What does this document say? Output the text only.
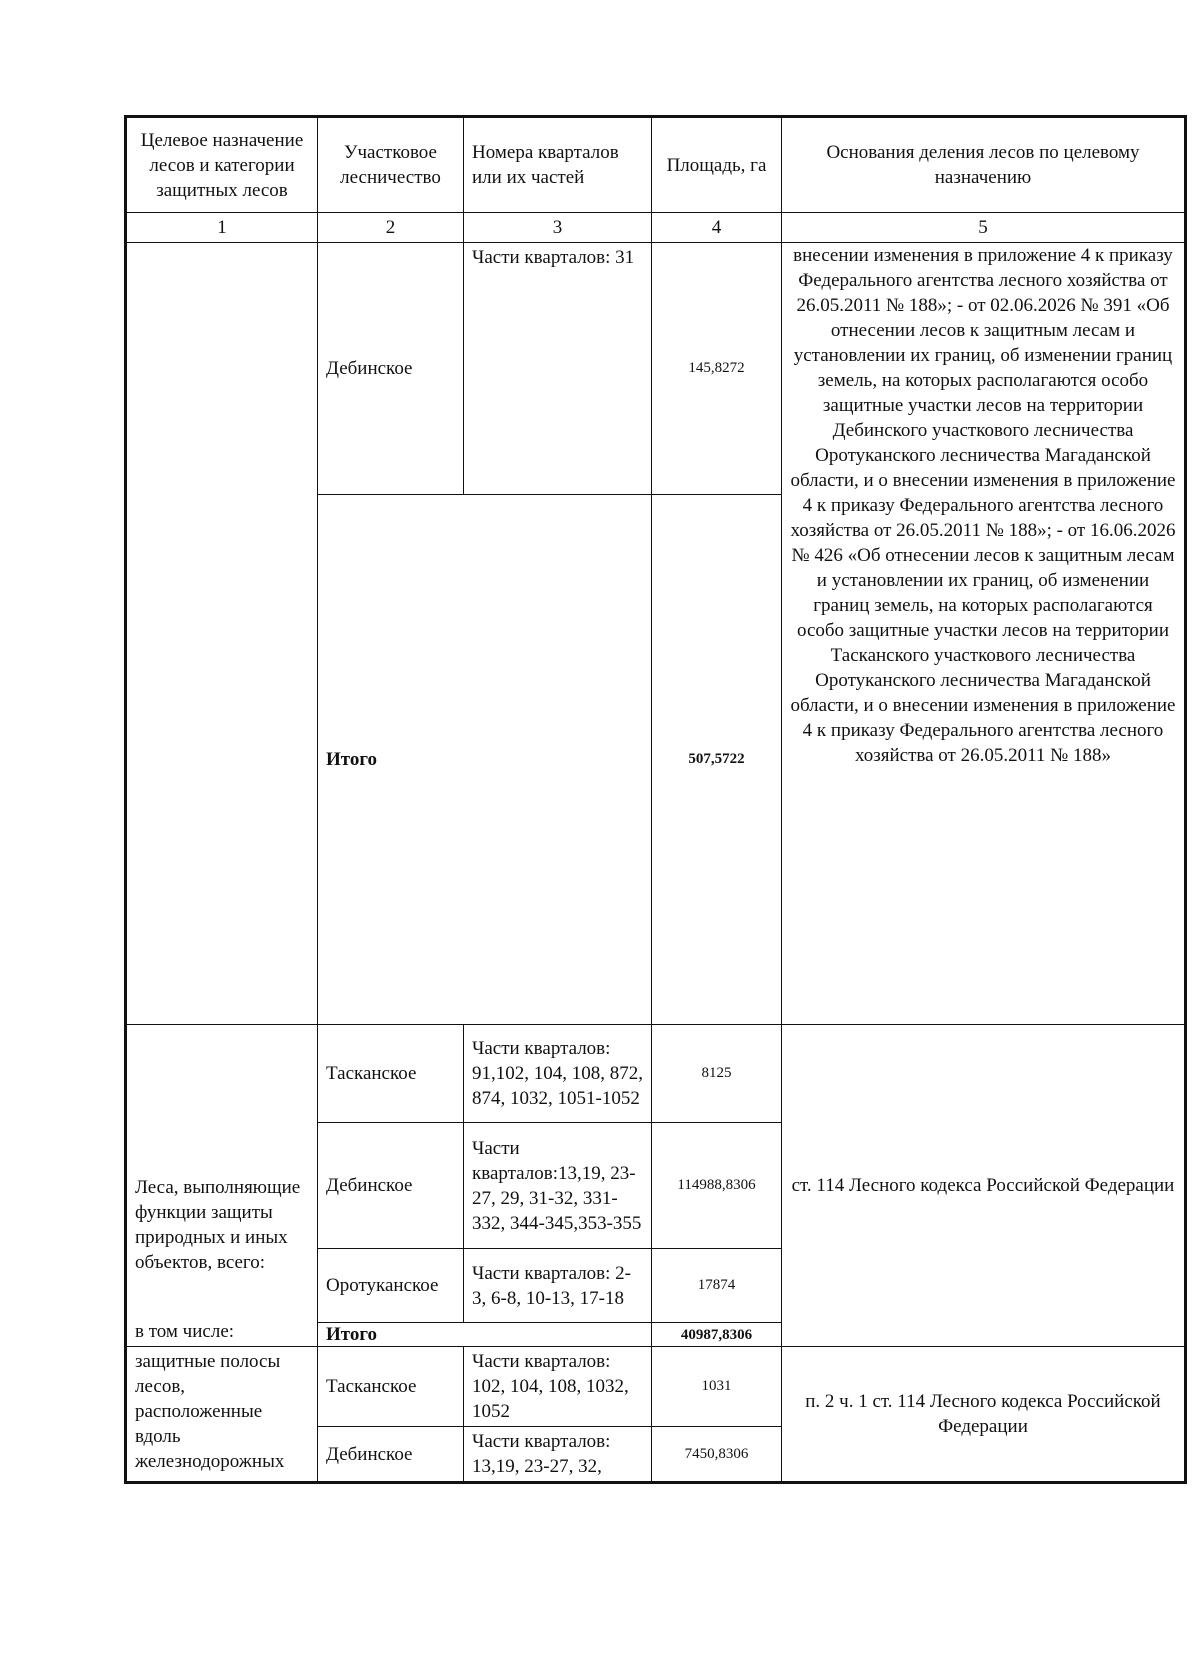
Целевое назначение лесов и категории защитных лесов	Участковое лесничество	Номера кварталов или их частей	Площадь, га	Основания деления лесов по целевому назначению
1	2	3	4	5
	Дебинское	Части кварталов: 31	145,8272	внесении изменения в приложение 4 к приказу Федерального агентства лесного хозяйства от 26.05.2011 № 188»; - от 02.06.2026 № 391 «Об отнесении лесов к защитным лесам и установлении их границ, об изменении границ земель, на которых располагаются особо защитные участки лесов на территории Дебинского участкового лесничества Оротуканского лесничества Магаданской области, и о внесении изменения в приложение 4 к приказу Федерального агентства лесного хозяйства от 26.05.2011 № 188»; - от 16.06.2026 № 426 «Об отнесении лесов к защитным лесам и установлении их границ, об изменении границ земель, на которых располагаются особо защитные участки лесов на территории Тасканского участкового лесничества Оротуканского лесничества Магаданской области, и о внесении изменения в приложение 4 к приказу Федерального агентства лесного хозяйства от 26.05.2011 № 188»
	Итого		507,5722	

Леса, выполняющие функции защиты природных и иных объектов, всего:
в том числе:	Тасканское	Части кварталов: 91,102, 104, 108, 872, 874, 1032, 1051-1052	8125	ст. 114 Лесного кодекса Российской Федерации
	Дебинское	Части кварталов:13,19, 23-27, 29, 31-32, 331-332, 344-345,353-355	114988,8306	
	Оротуканское	Части кварталов: 2-3, 6-8, 10-13, 17-18	17874	
	Итого		40987,8306	
защитные полосы лесов, расположенные вдоль железнодорожных	Тасканское	Части кварталов: 102, 104, 108, 1032, 1052	1031	п. 2 ч. 1 ст. 114 Лесного кодекса Российской Федерации
	Дебинское	Части кварталов: 13,19, 23-27, 32,	7450,8306	
